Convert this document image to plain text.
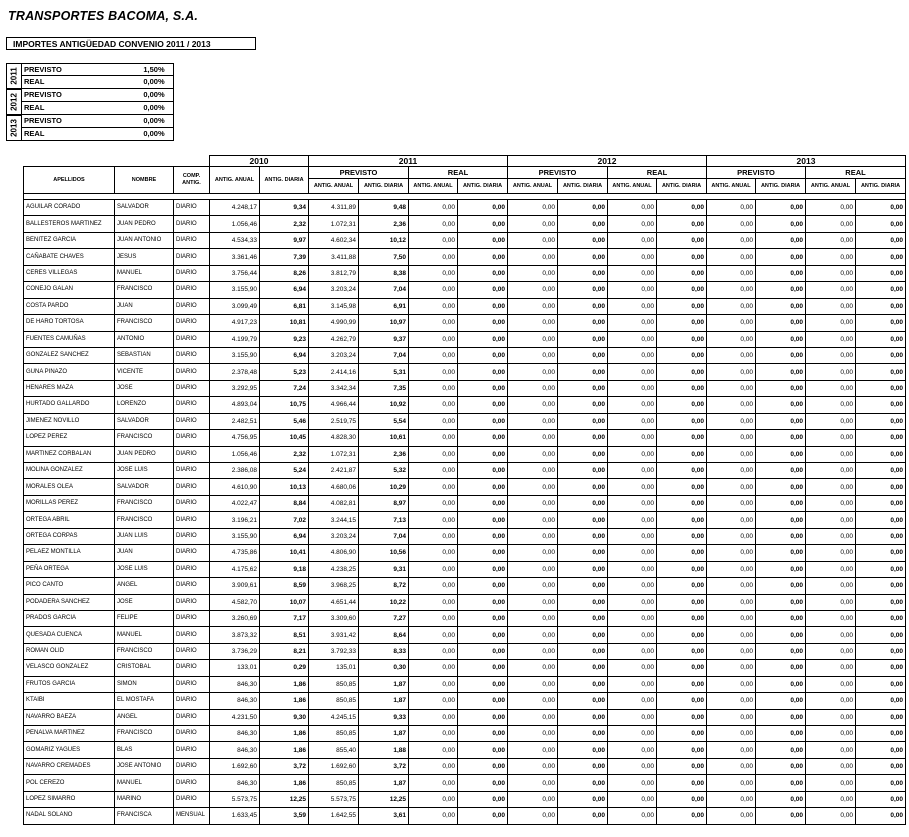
TRANSPORTES BACOMA, S.A.
IMPORTES ANTIGÜEDAD CONVENIO 2011 / 2013
2011 PREVISTO	1,50%
REAL	0,00%
2012 PREVISTO	0,00%
REAL	0,00%
2013 PREVISTO	0,00%
REAL	0,00%
			2010		2011				2012				2013			
APELLIDOS	NOMBRE	COMP. ANTIG.	ANTIG. ANUAL	ANTIG. DIARIA	PREVISTO		REAL		PREVISTO		REAL		PREVISTO		REAL	
					ANTIG. ANUAL	ANTIG. DIARIA	ANTIG. ANUAL	ANTIG. DIARIA	ANTIG. ANUAL	ANTIG. DIARIA	ANTIG. ANUAL	ANTIG. DIARIA	ANTIG. ANUAL	ANTIG. DIARIA	ANTIG. ANUAL	ANTIG. DIARIA

AGUILAR CORADO	SALVADOR	DIARIO	4.248,17	9,34	4.311,89	9,48	0,00	0,00	0,00	0,00	0,00	0,00	0,00	0,00	0,00	0,00
BALLESTEROS MARTINEZ	JUAN PEDRO	DIARIO	1.056,46	2,32	1.072,31	2,36	0,00	0,00	0,00	0,00	0,00	0,00	0,00	0,00	0,00	0,00
BENITEZ GARCIA	JUAN ANTONIO	DIARIO	4.534,33	9,97	4.602,34	10,12	0,00	0,00	0,00	0,00	0,00	0,00	0,00	0,00	0,00	0,00
CAÑABATE CHAVES	JESUS	DIARIO	3.361,46	7,39	3.411,88	7,50	0,00	0,00	0,00	0,00	0,00	0,00	0,00	0,00	0,00	0,00
CERES VILLEGAS	MANUEL	DIARIO	3.756,44	8,26	3.812,79	8,38	0,00	0,00	0,00	0,00	0,00	0,00	0,00	0,00	0,00	0,00
CONEJO GALAN	FRANCISCO	DIARIO	3.155,90	6,94	3.203,24	7,04	0,00	0,00	0,00	0,00	0,00	0,00	0,00	0,00	0,00	0,00
COSTA PARDO	JUAN	DIARIO	3.099,49	6,81	3.145,98	6,91	0,00	0,00	0,00	0,00	0,00	0,00	0,00	0,00	0,00	0,00
DE HARO TORTOSA	FRANCISCO	DIARIO	4.917,23	10,81	4.990,99	10,97	0,00	0,00	0,00	0,00	0,00	0,00	0,00	0,00	0,00	0,00
FUENTES CAMUÑAS	ANTONIO	DIARIO	4.199,79	9,23	4.262,79	9,37	0,00	0,00	0,00	0,00	0,00	0,00	0,00	0,00	0,00	0,00
GONZALEZ SANCHEZ	SEBASTIAN	DIARIO	3.155,90	6,94	3.203,24	7,04	0,00	0,00	0,00	0,00	0,00	0,00	0,00	0,00	0,00	0,00
GUNA PINAZO	VICENTE	DIARIO	2.378,48	5,23	2.414,16	5,31	0,00	0,00	0,00	0,00	0,00	0,00	0,00	0,00	0,00	0,00
HENARES MAZA	JOSE	DIARIO	3.292,95	7,24	3.342,34	7,35	0,00	0,00	0,00	0,00	0,00	0,00	0,00	0,00	0,00	0,00
HURTADO GALLARDO	LORENZO	DIARIO	4.893,04	10,75	4.966,44	10,92	0,00	0,00	0,00	0,00	0,00	0,00	0,00	0,00	0,00	0,00
JIMENEZ NOVILLO	SALVADOR	DIARIO	2.482,51	5,46	2.519,75	5,54	0,00	0,00	0,00	0,00	0,00	0,00	0,00	0,00	0,00	0,00
LOPEZ PEREZ	FRANCISCO	DIARIO	4.756,95	10,45	4.828,30	10,61	0,00	0,00	0,00	0,00	0,00	0,00	0,00	0,00	0,00	0,00
MARTINEZ CORBALAN	JUAN PEDRO	DIARIO	1.056,46	2,32	1.072,31	2,36	0,00	0,00	0,00	0,00	0,00	0,00	0,00	0,00	0,00	0,00
MOLINA GONZALEZ	JOSE LUIS	DIARIO	2.386,08	5,24	2.421,87	5,32	0,00	0,00	0,00	0,00	0,00	0,00	0,00	0,00	0,00	0,00
MORALES OLEA	SALVADOR	DIARIO	4.610,90	10,13	4.680,06	10,29	0,00	0,00	0,00	0,00	0,00	0,00	0,00	0,00	0,00	0,00
MORILLAS PEREZ	FRANCISCO	DIARIO	4.022,47	8,84	4.082,81	8,97	0,00	0,00	0,00	0,00	0,00	0,00	0,00	0,00	0,00	0,00
ORTEGA ABRIL	FRANCISCO	DIARIO	3.196,21	7,02	3.244,15	7,13	0,00	0,00	0,00	0,00	0,00	0,00	0,00	0,00	0,00	0,00
ORTEGA CORPAS	JUAN LUIS	DIARIO	3.155,90	6,94	3.203,24	7,04	0,00	0,00	0,00	0,00	0,00	0,00	0,00	0,00	0,00	0,00
PELAEZ MONTILLA	JUAN	DIARIO	4.735,86	10,41	4.806,90	10,56	0,00	0,00	0,00	0,00	0,00	0,00	0,00	0,00	0,00	0,00
PEÑA ORTEGA	JOSE LUIS	DIARIO	4.175,62	9,18	4.238,25	9,31	0,00	0,00	0,00	0,00	0,00	0,00	0,00	0,00	0,00	0,00
PICO CANTO	ANGEL	DIARIO	3.909,61	8,59	3.968,25	8,72	0,00	0,00	0,00	0,00	0,00	0,00	0,00	0,00	0,00	0,00
PODADERA SANCHEZ	JOSE	DIARIO	4.582,70	10,07	4.651,44	10,22	0,00	0,00	0,00	0,00	0,00	0,00	0,00	0,00	0,00	0,00
PRADOS GARCIA	FELIPE	DIARIO	3.260,69	7,17	3.309,60	7,27	0,00	0,00	0,00	0,00	0,00	0,00	0,00	0,00	0,00	0,00
QUESADA CUENCA	MANUEL	DIARIO	3.873,32	8,51	3.931,42	8,64	0,00	0,00	0,00	0,00	0,00	0,00	0,00	0,00	0,00	0,00
ROMAN OLID	FRANCISCO	DIARIO	3.736,29	8,21	3.792,33	8,33	0,00	0,00	0,00	0,00	0,00	0,00	0,00	0,00	0,00	0,00
VELASCO GONZALEZ	CRISTOBAL	DIARIO	133,01	0,29	135,01	0,30	0,00	0,00	0,00	0,00	0,00	0,00	0,00	0,00	0,00	0,00
FRUTOS GARCIA	SIMON	DIARIO	846,30	1,86	850,85	1,87	0,00	0,00	0,00	0,00	0,00	0,00	0,00	0,00	0,00	0,00
KTAIBI	EL MOSTAFA	DIARIO	846,30	1,86	850,85	1,87	0,00	0,00	0,00	0,00	0,00	0,00	0,00	0,00	0,00	0,00
NAVARRO BAEZA	ANGEL	DIARIO	4.231,50	9,30	4.245,15	9,33	0,00	0,00	0,00	0,00	0,00	0,00	0,00	0,00	0,00	0,00
PENALVA MARTINEZ	FRANCISCO	DIARIO	846,30	1,86	850,85	1,87	0,00	0,00	0,00	0,00	0,00	0,00	0,00	0,00	0,00	0,00
GOMARIZ YAGUES	BLAS	DIARIO	846,30	1,86	855,40	1,88	0,00	0,00	0,00	0,00	0,00	0,00	0,00	0,00	0,00	0,00
NAVARRO CREMADES	JOSE ANTONIO	DIARIO	1.692,60	3,72	1.692,60	3,72	0,00	0,00	0,00	0,00	0,00	0,00	0,00	0,00	0,00	0,00
POL CEREZO	MANUEL	DIARIO	846,30	1,86	850,85	1,87	0,00	0,00	0,00	0,00	0,00	0,00	0,00	0,00	0,00	0,00
LOPEZ SIMARRO	MARINO	DIARIO	5.573,75	12,25	5.573,75	12,25	0,00	0,00	0,00	0,00	0,00	0,00	0,00	0,00	0,00	0,00
NADAL SOLANO	FRANCISCA	MENSUAL	1.633,45	3,59	1.642,55	3,61	0,00	0,00	0,00	0,00	0,00	0,00	0,00	0,00	0,00	0,00
